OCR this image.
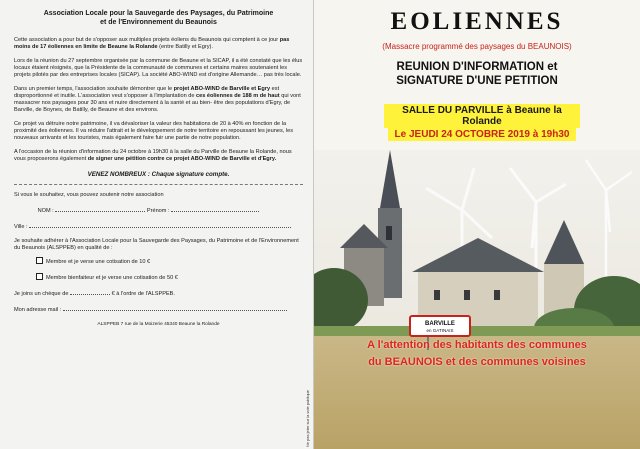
Association Locale pour la Sauvegarde des Paysages, du Patrimoine
et de l'Environnement du Beaunois

Cette association a pour but de s'opposer aux multiples projets éoliens du Beaunois qui comptent à ce jour pas moins de 17 éoliennes en limite de Beaune la Rolande (entre Batilly et Egry).

Lors de la réunion du 27 septembre organisée par la commune de Beaune et la SICAP, il a été constaté que les élus locaux étaient résignés, que la Présidente de la communauté de communes et certains maires soutenaient les projets pilotés par des entreprises locales (SICAP). La société ABO-WIND est d'origine Allemande… pas très locale.

Dans un premier temps, l'association souhaite démontrer que le projet ABO-WIND de Barville et Egry est disproportionné et inutile. L'association veut s'opposer à l'implantation de ces éoliennes de 188 m de haut qui vont massacrer nos paysages pour 30 ans et nuire directement à la santé et au bien- être des populations d'Egry, de Barville, de Boynes, de Batilly, de Beaune et des environs.

Ce projet va détruire notre patrimoine, il va dévaloriser la valeur des habitations de 20 à 40% en fonction de la proximité des éoliennes. Il va réduire l'attrait et le développement de notre territoire en repoussant les jeunes, les nouveaux arrivants et les touristes, mais également faire fuir une partie de notre population.

A l'occasion de la réunion d'information du 24 octobre à 19h30 à la salle du Parville de Beaune la Rolande, nous vous proposerons également de signer une pétition contre ce projet ABO-WIND de Barville et d'Egry.

VENEZ NOMBREUX : Chaque signature compte.
Si vous le souhaitez, vous pouvez soutenir notre association
NOM :	Prénom :
Ville :

Je souhaite adhérer à l'Association Locale pour la Sauvegarde des Paysages, du Patrimoine et de l'Environnement du Beaunois (ALSPPEB) en qualité de :

Membre et je verse une cotisation de 10 €
Membre bienfaiteur et je verse une cotisation de 50 €
Je joins un chèque de	€ à l'ordre de l'ALSPPEB.
Mon adresse mail :
ALSPPEB 7 rue de la Moizerie 45340 Beaune la Rolande
Ne pas jeter sur la voie publique
EOLIENNES
(Massacre programmé des paysages du BEAUNOIS)
REUNION D'INFORMATION et
SIGNATURE D'UNE PETITION
BARVILLE
en GATINAIS
SALLE DU PARVILLE à Beaune la Rolande
Le JEUDI 24 OCTOBRE 2019 à 19h30
A l'attention des habitants des communes
du BEAUNOIS et des communes voisines
